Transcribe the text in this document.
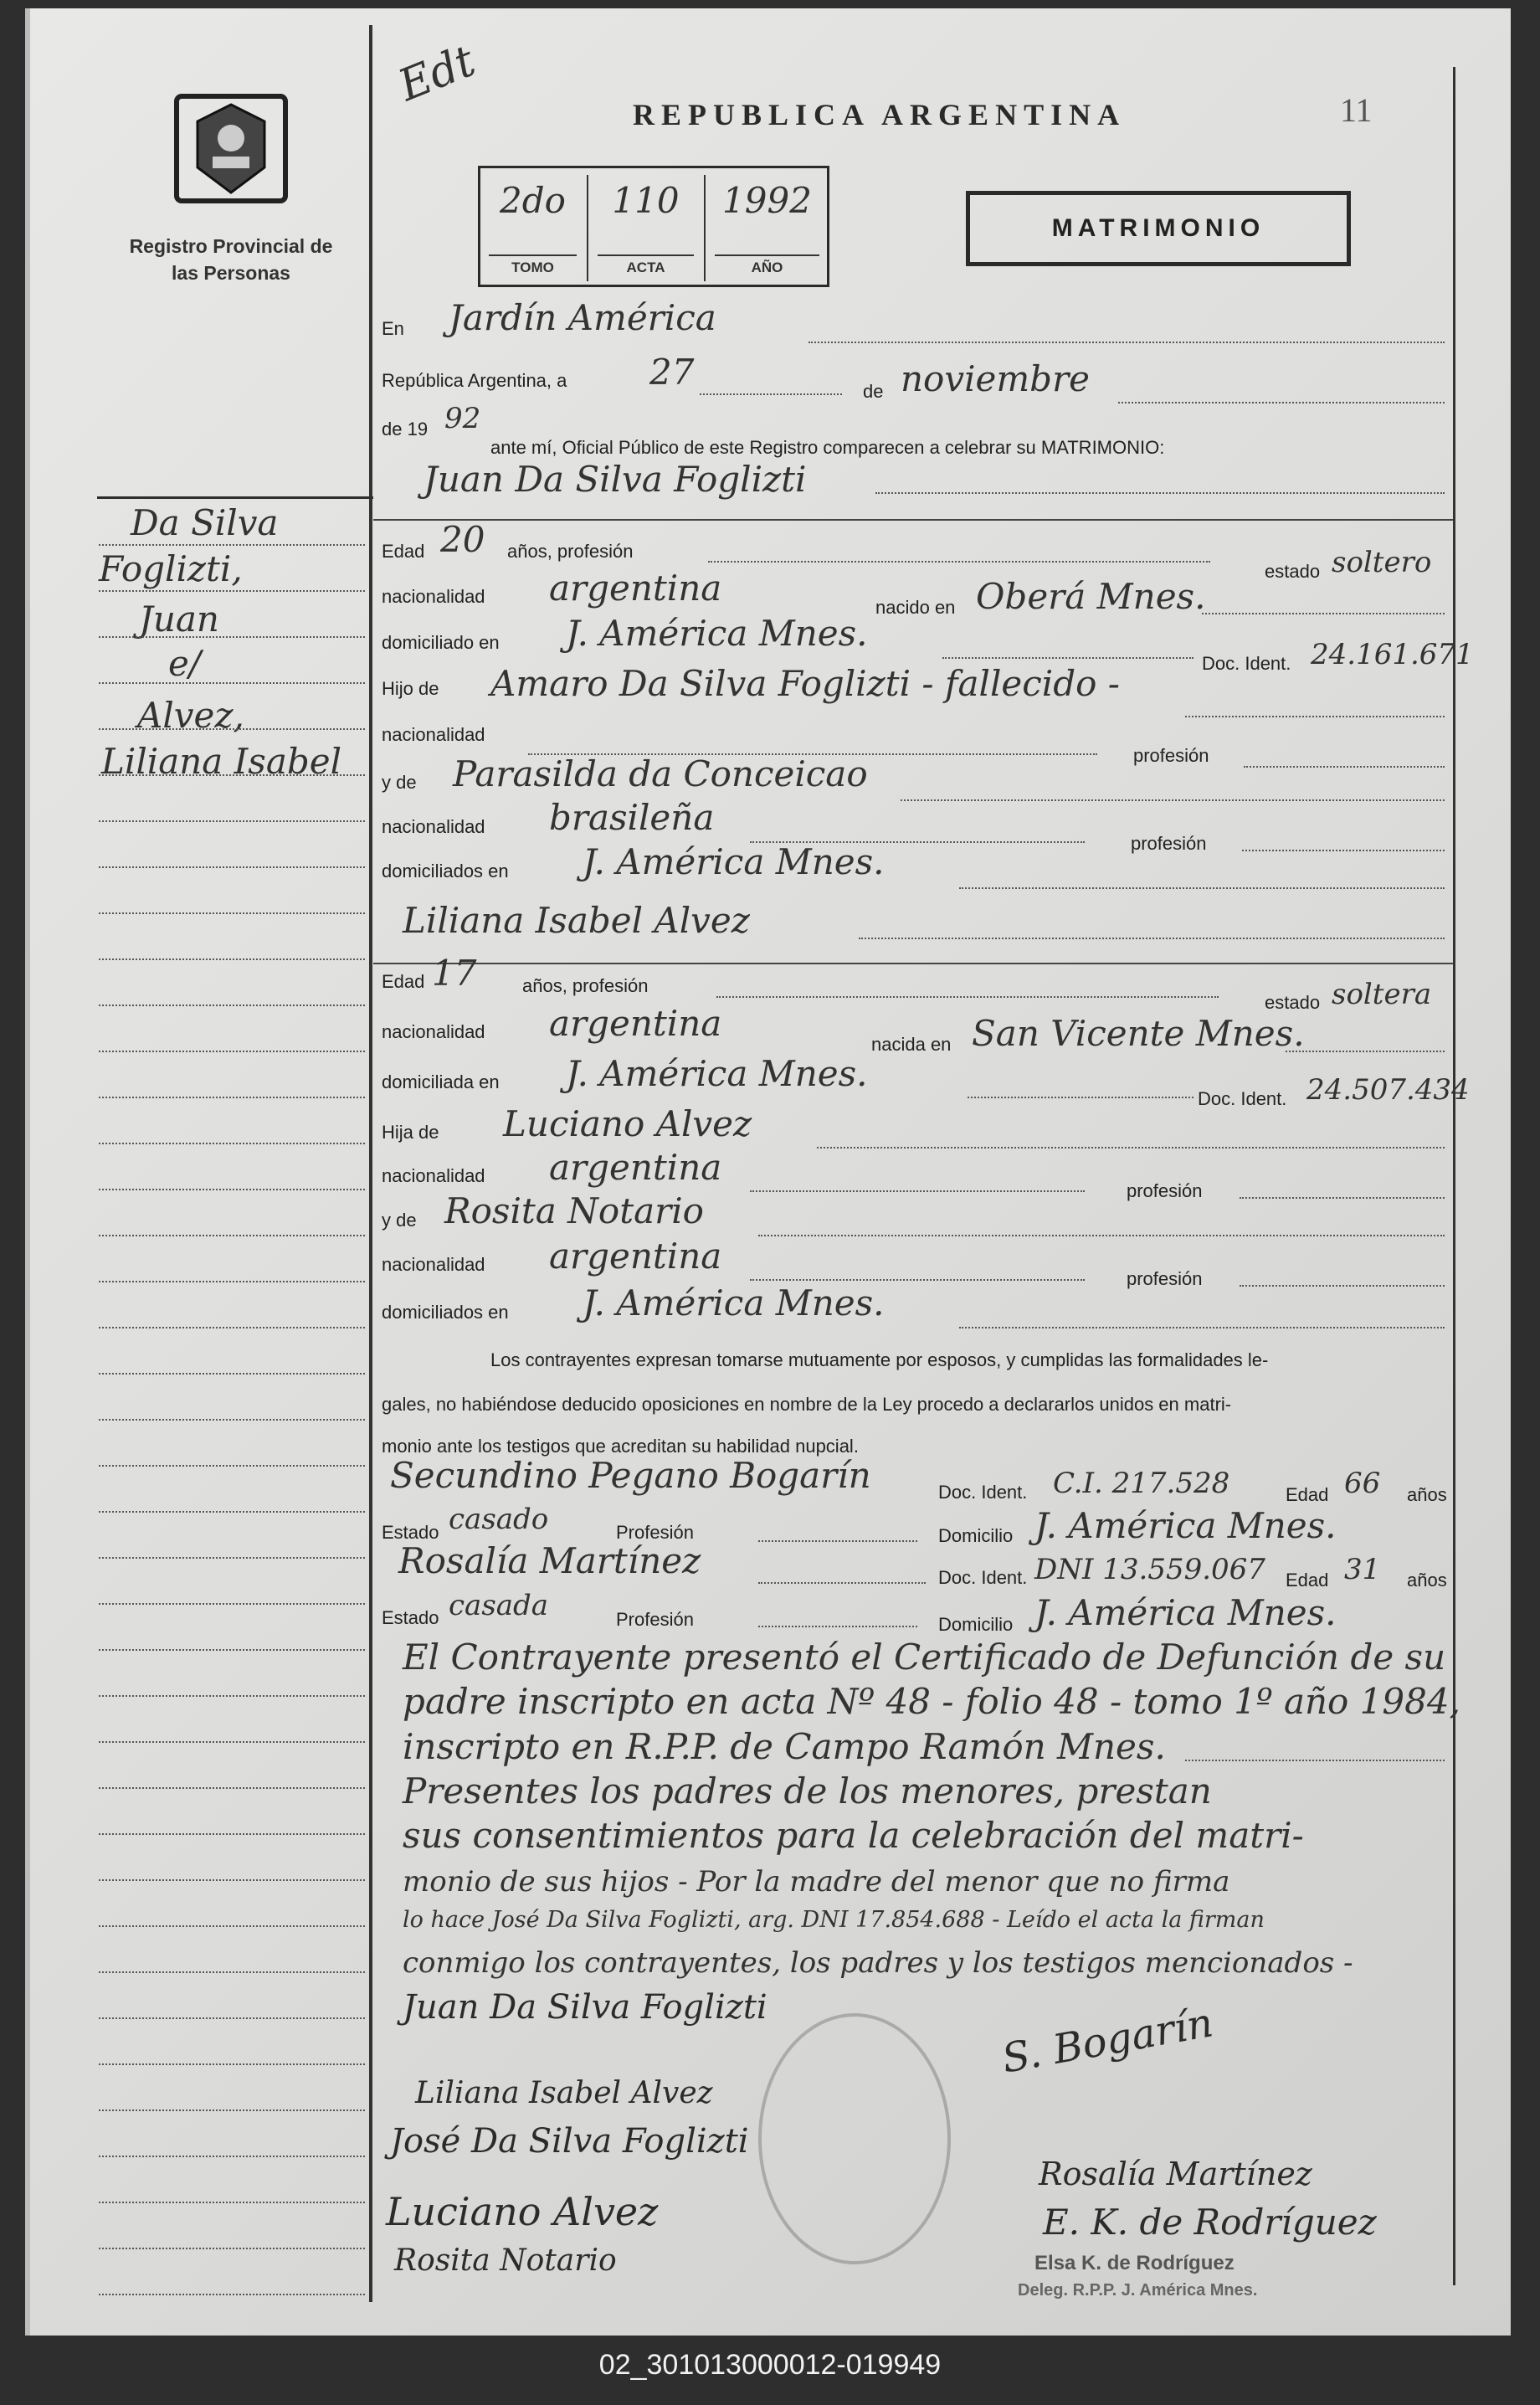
Registro Provincial de las Personas
Da Silva
Foglizti,
Juan
e/
Alvez,
Liliana Isabel
Edt
REPUBLICA ARGENTINA	11
2do
TOMO
110
ACTA
1992
AÑO
MATRIMONIO
En Jardín América
República Argentina, a 27	de noviembre
de 19 92
ante mí, Oficial Público de este Registro comparecen a celebrar su MATRIMONIO:
Juan Da Silva Foglizti
Edad 20 años, profesión
estado soltero
nacionalidad argentina	nacido en Oberá Mnes.
domiciliado en J. América Mnes.
Doc. Ident. 24.161.671
Hijo de Amaro Da Silva Foglizti - fallecido -
nacionalidad
profesión
y de Parasilda da Conceicao
nacionalidad brasileña
profesión
domiciliados en J. América Mnes.
Liliana Isabel Alvez
Edad 17 años, profesión
estado soltera
nacionalidad argentina
nacida en San Vicente Mnes.
domiciliada en J. América Mnes.
Doc. Ident. 24.507.434
Hija de Luciano Alvez
nacionalidad argentina
profesión
y de Rosita Notario
nacionalidad argentina
profesión
domiciliados en J. América Mnes.
Los contrayentes expresan tomarse mutuamente por esposos, y cumplidas las formalidades le-
gales, no habiéndose deducido oposiciones en nombre de la Ley procedo a declararlos unidos en matri-
monio ante los testigos que acreditan su habilidad nupcial.
Secundino Pegano Bogarín	Doc. Ident. C.I. 217.528	Edad 66 años
Estado casado	Profesión	Domicilio J. América Mnes.
Rosalía Martínez	Doc. Ident. DNI 13.559.067 Edad 31 años
Estado casada	Profesión	Domicilio J. América Mnes.
El Contrayente presentó el Certificado de Defunción de su
padre inscripto en acta Nº 48 - folio 48 - tomo 1º año 1984,
inscripto en R.P.P. de Campo Ramón Mnes.
Presentes los padres de los menores, prestan
sus consentimientos para la celebración del matri-
monio de sus hijos - Por la madre del menor que no firma
lo hace José Da Silva Foglizti, arg. DNI 17.854.688 - Leído el acta la firman
conmigo los contrayentes, los padres y los testigos mencionados -
Juan Da Silva Foglizti	S. Bogarín
Liliana Isabel Alvez
José Da Silva Foglizti
Rosalía Martínez
Luciano Alvez	E. K. de Rodríguez
Rosita Notario	Elsa K. de Rodríguez
Deleg. R.P.P. J. América Mnes.
02_301013000012-019949
